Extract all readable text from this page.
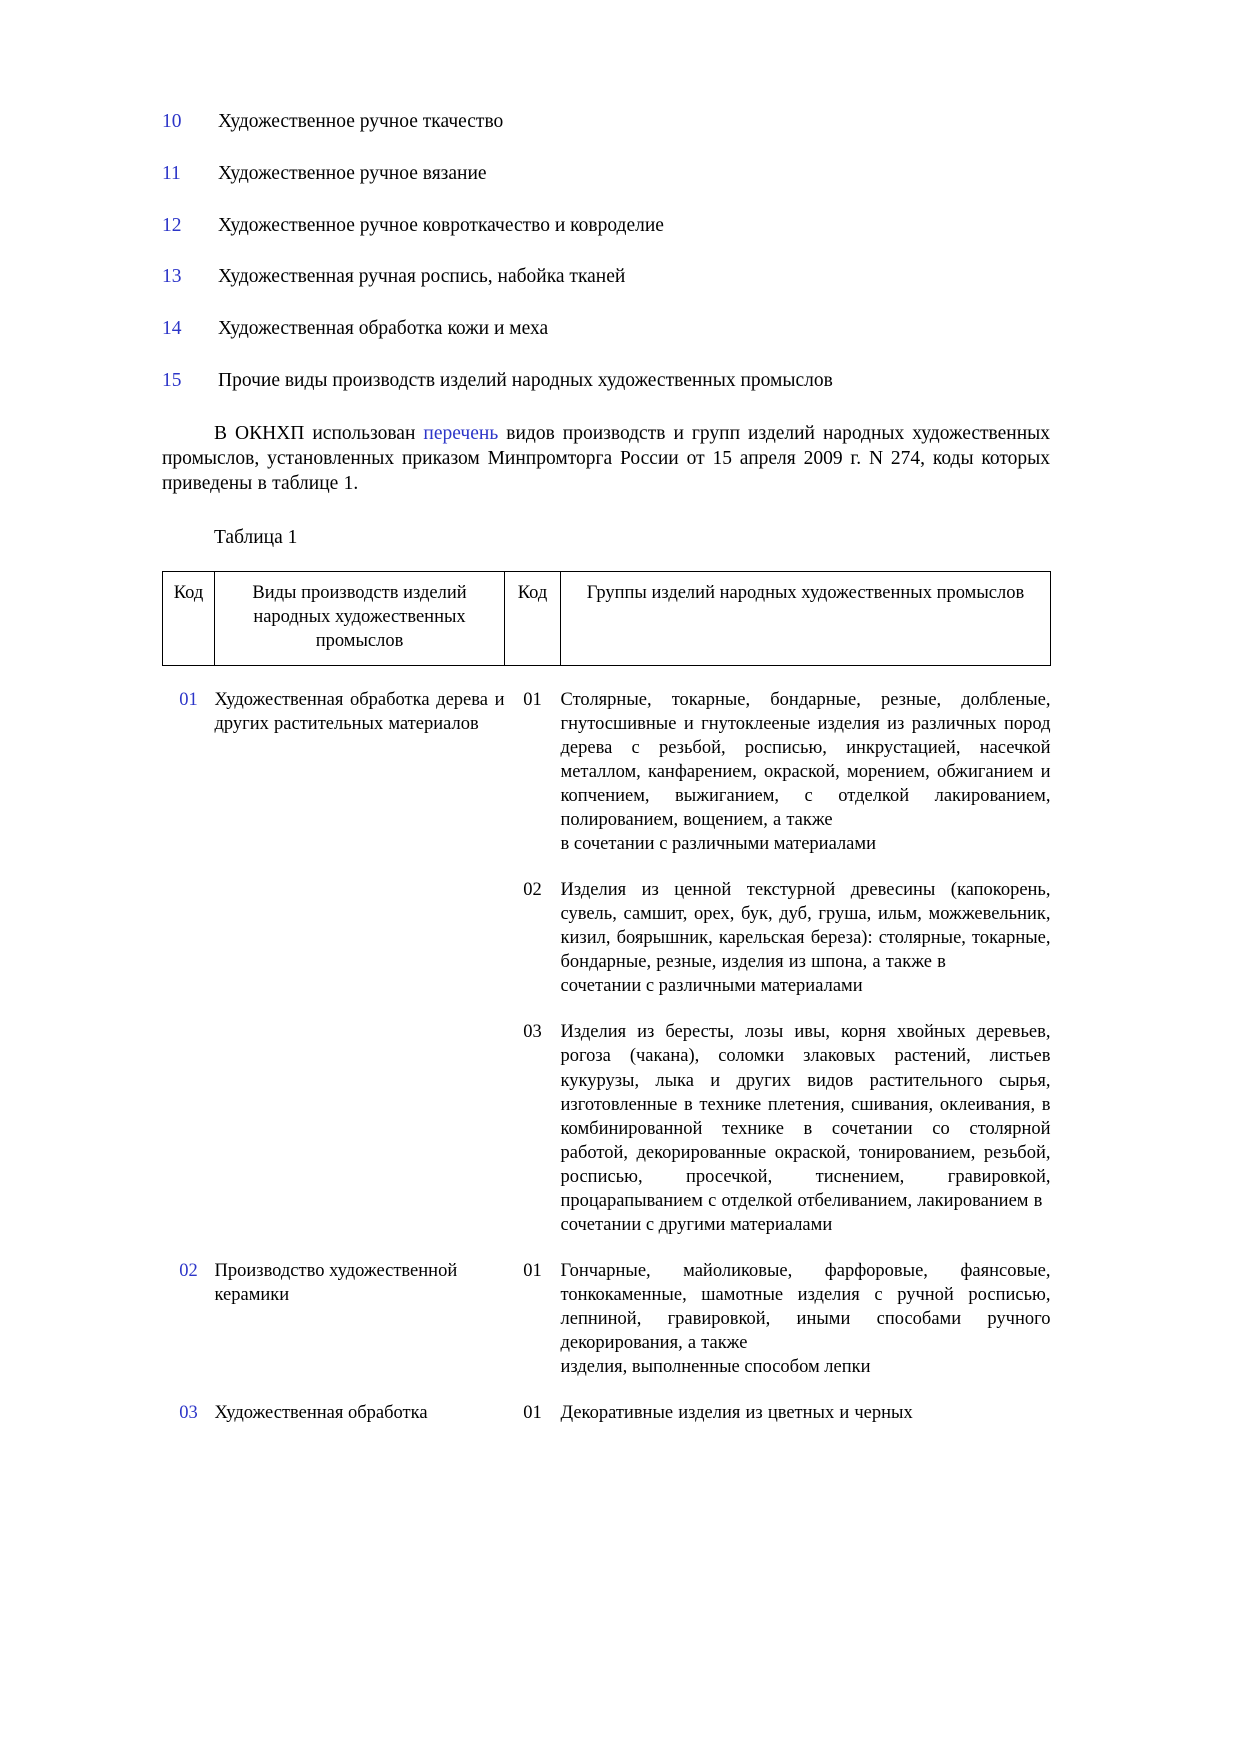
10	Художественное ручное ткачество
11	Художественное ручное вязание
12	Художественное ручное ковроткачество и ковроделие
13	Художественная ручная роспись, набойка тканей
14	Художественная обработка кожи и меха
15	Прочие виды производств изделий народных художественных промыслов

В ОКНХП использован перечень видов производств и групп изделий народных художественных промыслов, установленных приказом Минпромторга России от 15 апреля 2009 г. N 274, коды которых приведены в таблице 1.

Таблица 1
Код	Виды производств изделий народных художественных промыслов	Код	Группы изделий народных художественных промыслов

01	Художественная обработка дерева и других растительных материалов	01	Столярные, токарные, бондарные, резные, долбленые, гнутосшивные и гнутоклееные изделия из различных пород дерева с резьбой, росписью, инкрустацией, насечкой металлом, канфарением, окраской, морением, обжиганием и копчением, выжиганием, с отделкой лакированием, полированием, вощением, а также
в сочетании с различными материалами

		02	Изделия из ценной текстурной древесины (капокорень, сувель, самшит, орех, бук, дуб, груша, ильм, можжевельник, кизил, боярышник, карельская береза): столярные, токарные, бондарные, резные, изделия из шпона, а также в
сочетании с различными материалами

		03	Изделия из бересты, лозы ивы, корня хвойных деревьев, рогоза (чакана), соломки злаковых растений, листьев кукурузы, лыка и других видов растительного сырья, изготовленные в технике плетения, сшивания, оклеивания, в комбинированной технике в сочетании со столярной работой, декорированные окраской, тонированием, резьбой, росписью, просечкой, тиснением, гравировкой, процарапыванием с отделкой отбеливанием, лакированием в
сочетании с другими материалами

02	Производство художественной керамики	01	Гончарные, майоликовые, фарфоровые, фаянсовые, тонкокаменные, шамотные изделия с ручной росписью, лепниной, гравировкой, иными способами ручного декорирования, а также
изделия, выполненные способом лепки

03	Художественная обработка	01	Декоративные изделия из цветных и черных
